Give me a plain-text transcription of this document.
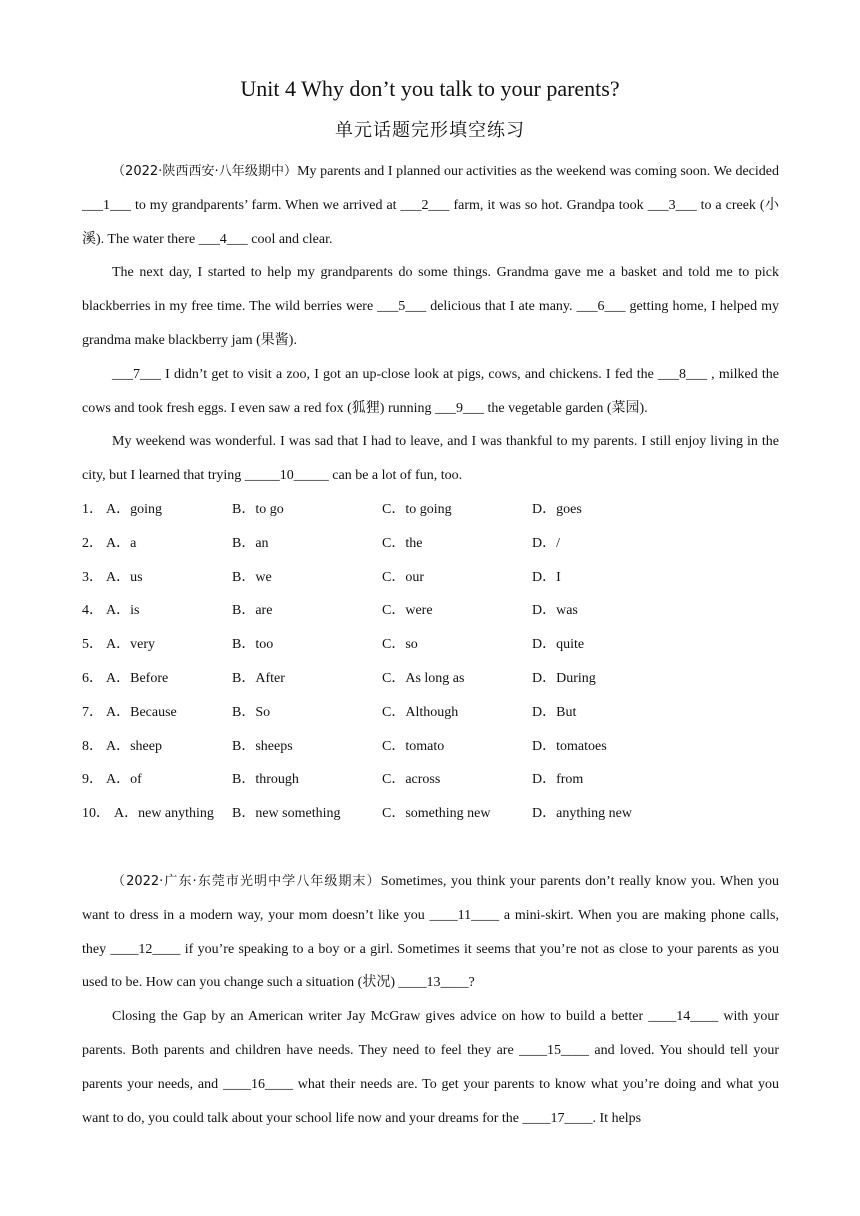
Unit 4 Why don’t you talk to your parents?
单元话题完形填空练习

（2022·陕西西安·八年级期中）My parents and I planned our activities as the weekend was coming soon. We decided ___1___ to my grandparents’ farm. When we arrived at ___2___ farm, it was so hot. Grandpa took ___3___ to a creek (小溪). The water there ___4___ cool and clear.

The next day, I started to help my grandparents do some things. Grandma gave me a basket and told me to pick blackberries in my free time. The wild berries were ___5___ delicious that I ate many. ___6___ getting home, I helped my grandma make blackberry jam (果酱).

___7___ I didn’t get to visit a zoo, I got an up-close look at pigs, cows, and chickens. I fed the ___8___ , milked the cows and took fresh eggs. I even saw a red fox (狐狸) running ___9___ the vegetable garden (菜园).

My weekend was wonderful. I was sad that I had to leave, and I was thankful to my parents. I still enjoy living in the city, but I learned that trying _____10_____ can be a lot of fun, too.

1． A．going	B．to go	C．to going	D．goes
2． A．a	B．an	C．the	D．/
3． A．us	B．we	C．our	D．I
4． A．is	B．are	C．were	D．was
5． A．very	B．too	C．so	D．quite
6． A．Before	B．After	C．As long as	D．During
7． A．Because	B．So	C．Although	D．But
8． A．sheep	B．sheeps	C．tomato	D．tomatoes
9． A．of	B．through	C．across	D．from
10． A．new anything B．new something	C．something new	D．anything new

（2022·广东·东莞市光明中学八年级期末）Sometimes, you think your parents don’t really know you. When you want to dress in a modern way, your mom doesn’t like you ____11____ a mini-skirt. When you are making phone calls, they ____12____ if you’re speaking to a boy or a girl. Sometimes it seems that you’re not as close to your parents as you used to be. How can you change such a situation (状况) ____13____?

Closing the Gap by an American writer Jay McGraw gives advice on how to build a better ____14____ with your parents. Both parents and children have needs. They need to feel they are ____15____ and loved. You should tell your parents your needs, and ____16____ what their needs are. To get your parents to know what you’re doing and what you want to do, you could talk about your school life now and your dreams for the ____17____. It helps
